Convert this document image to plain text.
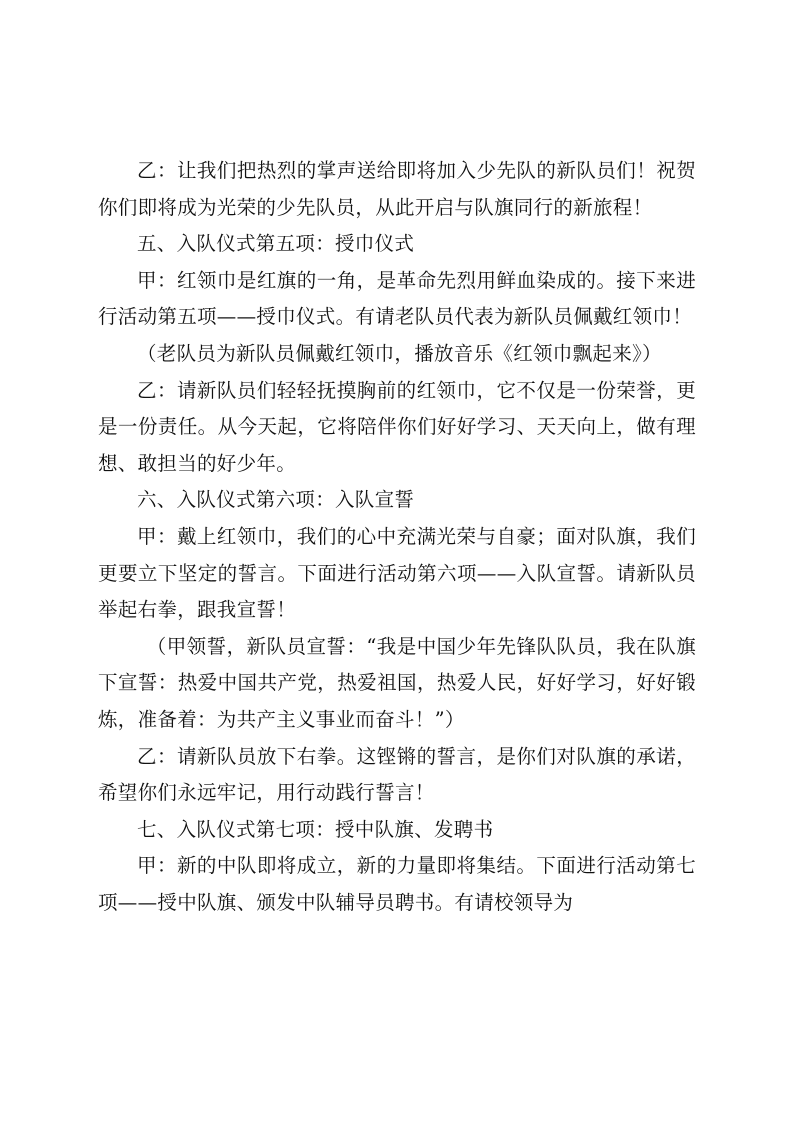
乙：让我们把热烈的掌声送给即将加入少先队的新队员们！祝贺你们即将成为光荣的少先队员，从此开启与队旗同行的新旅程！

五、入队仪式第五项：授巾仪式

甲：红领巾是红旗的一角，是革命先烈用鲜血染成的。接下来进行活动第五项——授巾仪式。有请老队员代表为新队员佩戴红领巾！

（老队员为新队员佩戴红领巾，播放音乐《红领巾飘起来》）

乙：请新队员们轻轻抚摸胸前的红领巾，它不仅是一份荣誉，更是一份责任。从今天起，它将陪伴你们好好学习、天天向上，做有理想、敢担当的好少年。

六、入队仪式第六项：入队宣誓

甲：戴上红领巾，我们的心中充满光荣与自豪；面对队旗，我们更要立下坚定的誓言。下面进行活动第六项——入队宣誓。请新队员举起右拳，跟我宣誓！

（甲领誓，新队员宣誓：“我是中国少年先锋队队员，我在队旗下宣誓：热爱中国共产党，热爱祖国，热爱人民，好好学习，好好锻炼，准备着：为共产主义事业而奋斗！”）

乙：请新队员放下右拳。这铿锵的誓言，是你们对队旗的承诺，希望你们永远牢记，用行动践行誓言！

七、入队仪式第七项：授中队旗、发聘书

甲：新的中队即将成立，新的力量即将集结。下面进行活动第七项——授中队旗、颁发中队辅导员聘书。有请校领导为
